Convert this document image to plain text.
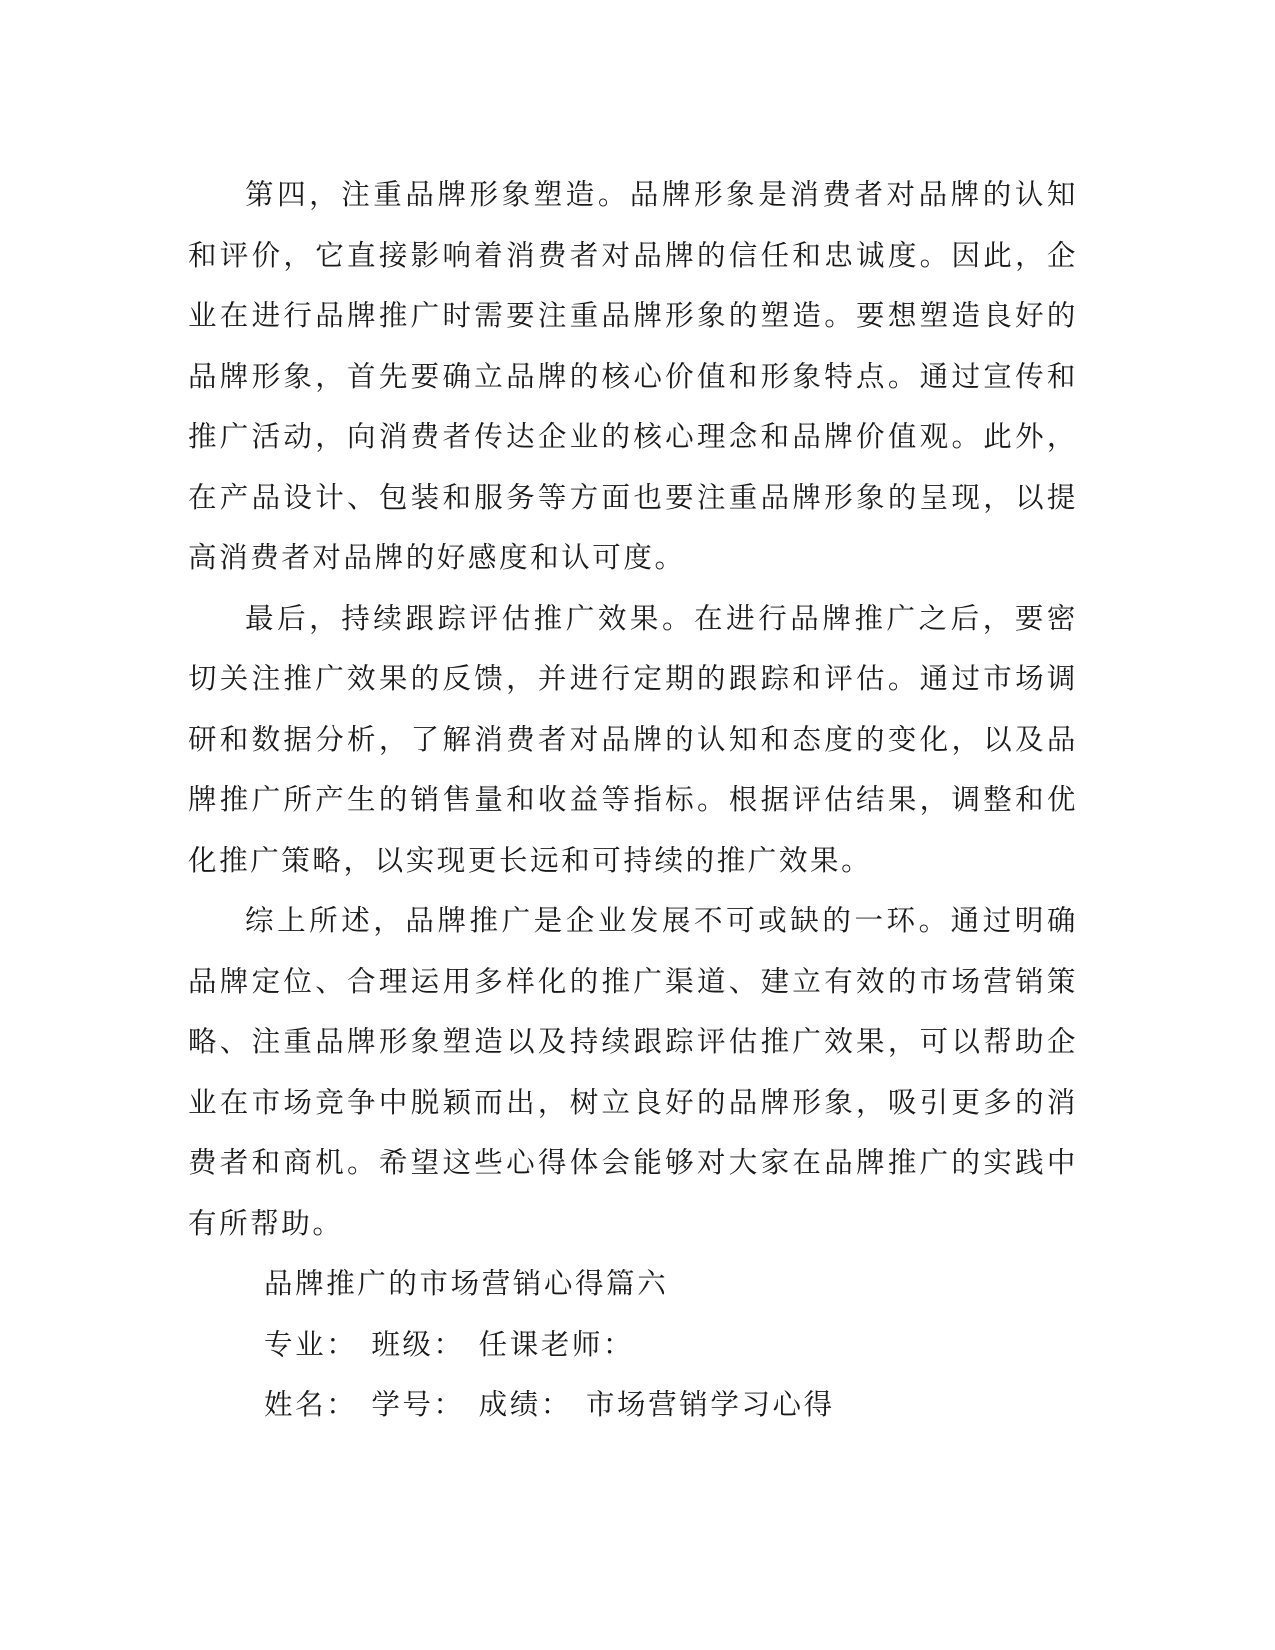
第四，注重品牌形象塑造。品牌形象是消费者对品牌的认知和评价，它直接影响着消费者对品牌的信任和忠诚度。因此，企业在进行品牌推广时需要注重品牌形象的塑造。要想塑造良好的品牌形象，首先要确立品牌的核心价值和形象特点。通过宣传和推广活动，向消费者传达企业的核心理念和品牌价值观。此外，在产品设计、包装和服务等方面也要注重品牌形象的呈现，以提高消费者对品牌的好感度和认可度。

最后，持续跟踪评估推广效果。在进行品牌推广之后，要密切关注推广效果的反馈，并进行定期的跟踪和评估。通过市场调研和数据分析，了解消费者对品牌的认知和态度的变化，以及品牌推广所产生的销售量和收益等指标。根据评估结果，调整和优化推广策略，以实现更长远和可持续的推广效果。

综上所述，品牌推广是企业发展不可或缺的一环。通过明确品牌定位、合理运用多样化的推广渠道、建立有效的市场营销策略、注重品牌形象塑造以及持续跟踪评估推广效果，可以帮助企业在市场竞争中脱颖而出，树立良好的品牌形象，吸引更多的消费者和商机。希望这些心得体会能够对大家在品牌推广的实践中有所帮助。

品牌推广的市场营销心得篇六

专业： 班级： 任课老师：

姓名： 学号： 成绩： 市场营销学习心得
